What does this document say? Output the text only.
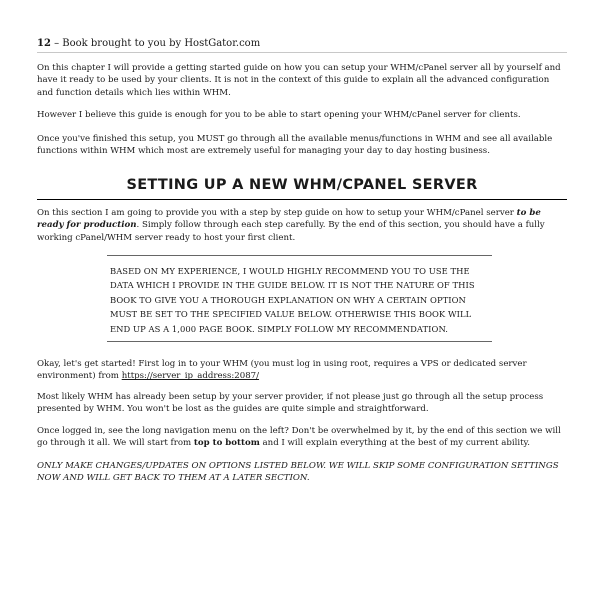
12 – Book brought to you by HostGator.com

On this chapter I will provide a getting started guide on how you can setup your WHM/cPanel server all by yourself and have it ready to be used by your clients. It is not in the context of this guide to explain all the advanced configuration and function details which lies within WHM.

However I believe this guide is enough for you to be able to start opening your WHM/cPanel server for clients.

Once you've finished this setup, you MUST go through all the available menus/functions in WHM and see all available functions within WHM which most are extremely useful for managing your day to day hosting business.

SETTING UP A NEW WHM/CPANEL SERVER

On this section I am going to provide you with a step by step guide on how to setup your WHM/cPanel server to be ready for production. Simply follow through each step carefully. By the end of this section, you should have a fully working cPanel/WHM server ready to host your first client.

BASED ON MY EXPERIENCE, I WOULD HIGHLY RECOMMEND YOU TO USE THE DATA WHICH I PROVIDE IN THE GUIDE BELOW. IT IS NOT THE NATURE OF THIS BOOK TO GIVE YOU A THOROUGH EXPLANATION ON WHY A CERTAIN OPTION MUST BE SET TO THE SPECIFIED VALUE BELOW. OTHERWISE THIS BOOK WILL END UP AS A 1,000 PAGE BOOK. SIMPLY FOLLOW MY RECOMMENDATION.

Okay, let's get started! First log in to your WHM (you must log in using root, requires a VPS or dedicated server environment) from https://server_ip_address:2087/

Most likely WHM has already been setup by your server provider, if not please just go through all the setup process presented by WHM. You won't be lost as the guides are quite simple and straightforward.

Once logged in, see the long navigation menu on the left? Don't be overwhelmed by it, by the end of this section we will go through it all. We will start from top to bottom and I will explain everything at the best of my current ability.

ONLY MAKE CHANGES/UPDATES ON OPTIONS LISTED BELOW. WE WILL SKIP SOME CONFIGURATION SETTINGS NOW AND WILL GET BACK TO THEM AT A LATER SECTION.
